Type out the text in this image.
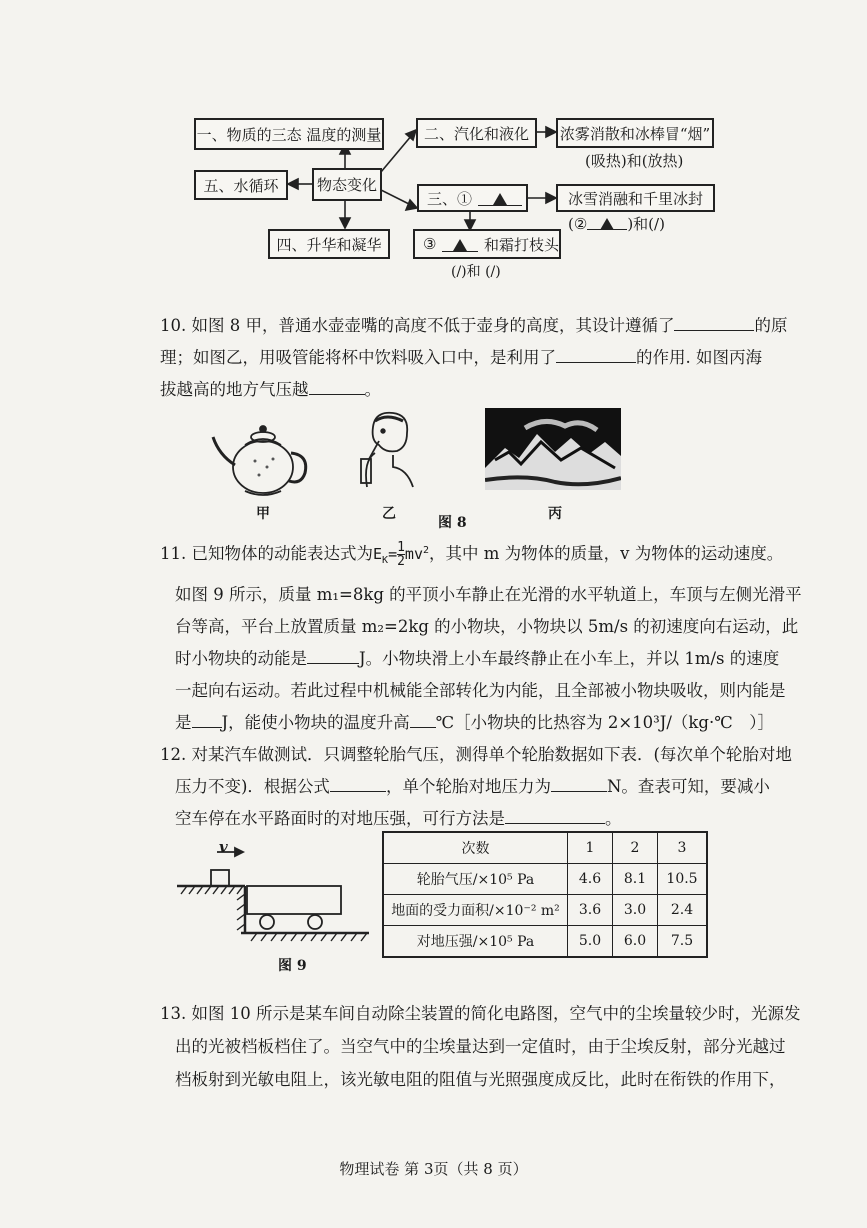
一、物质的三态 温度的测量	二、汽化和液化 浓雾消散和冰棒冒“烟”
(吸热)和(放热)
五、水循环	物态变化
三、①	冰雪消融和千里冰封
(②	)和(/)
四、升华和凝华	③	和霜打枝头
(/)和 (/)
10. 如图 8 甲，普通水壶壶嘴的高度不低于壶身的高度，其设计遵循了	的原
理；如图乙，用吸管能将杯中饮料吸入口中，是利用了	的作用. 如图丙海
拔越高的地方气压越	。
甲	乙
图 8
丙
11. 已知物体的动能表达式为$E_K= \frac{1}{2} mv^2$，其中 m 为物体的质量，v 为物体的运动速度。
如图 9 所示，质量 m₁=8kg 的平顶小车静止在光滑的水平轨道上，车顶与左侧光滑平
台等高，平台上放置质量 m₂=2kg 的小物块，小物块以 5m/s 的初速度向右运动，此
时小物块的动能是	J。小物块滑上小车最终静止在小车上，并以 1m/s 的速度
一起向右运动。若此过程中机械能全部转化为内能，且全部被小物块吸收，则内能是
是 J，能使小物块的温度升高 ℃［小物块的比热容为 2×10³J/（kg·℃　）］
12. 对某汽车做测试．只调整轮胎气压，测得单个轮胎数据如下表．(每次单个轮胎对地
压力不变)．根据公式	，单个轮胎对地压力为	N。查表可知，要减小
空车停在水平路面时的对地压强，可行方法是	。
v
图 9
次数	1	2	3
轮胎气压/×10⁵ Pa	4.6	8.1	10.5
地面的受力面积/×10⁻² m²	3.6	3.0	2.4
对地压强/×10⁵ Pa	5.0	6.0	7.5
13. 如图 10 所示是某车间自动除尘装置的简化电路图，空气中的尘埃量较少时，光源发
出的光被档板档住了。当空气中的尘埃量达到一定值时，由于尘埃反射，部分光越过
档板射到光敏电阻上，该光敏电阻的阻值与光照强度成反比，此时在衔铁的作用下，
物理试卷 第 3页（共 8 页）
